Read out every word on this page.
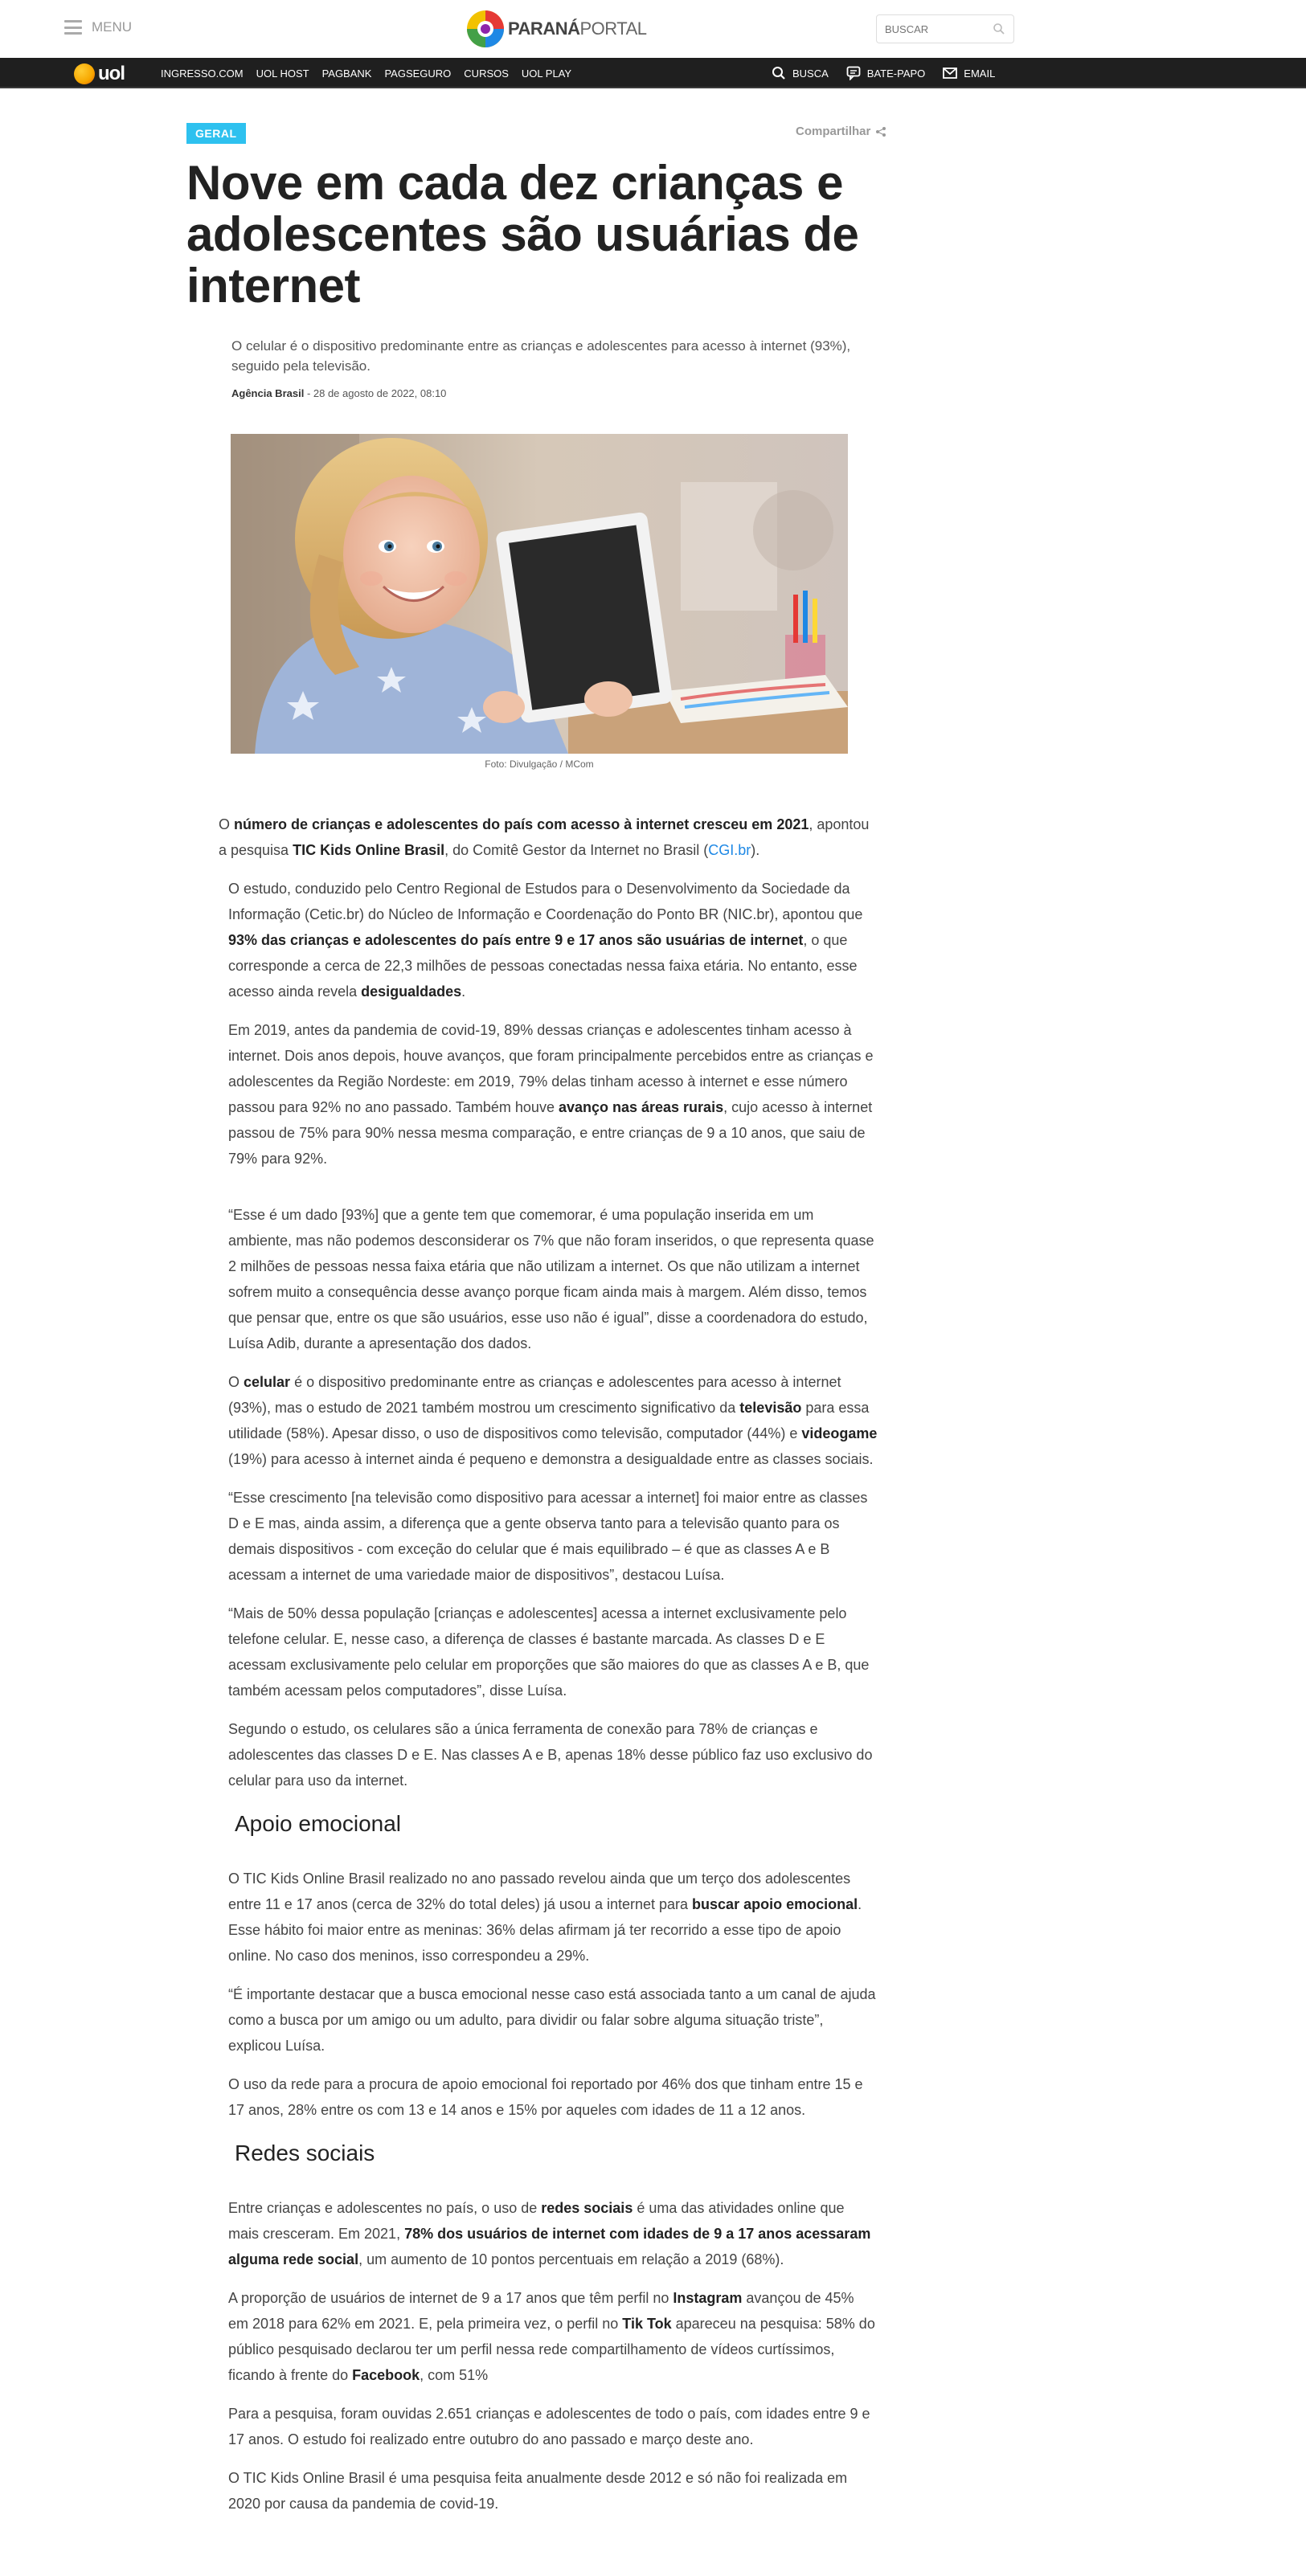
MENU	PARANÁPORTAL
BUSCAR
uol	INGRESSO.COM UOL HOST PAGBANK PAGSEGURO CURSOS UOL PLAY	BUSCA	BATE-PAPO	EMAIL
GERAL	Compartilhar
Nove em cada dez crianças e adolescentes são usuárias de internet

O celular é o dispositivo predominante entre as crianças e adolescentes para acesso à internet (93%), seguido pela televisão.

Agência Brasil - 28 de agosto de 2022, 08:10
Foto: Divulgação / MCom

O número de crianças e adolescentes do país com acesso à internet cresceu em 2021, apontou a pesquisa TIC Kids Online Brasil, do Comitê Gestor da Internet no Brasil (CGI.br).

O estudo, conduzido pelo Centro Regional de Estudos para o Desenvolvimento da Sociedade da Informação (Cetic.br) do Núcleo de Informação e Coordenação do Ponto BR (NIC.br), apontou que 93% das crianças e adolescentes do país entre 9 e 17 anos são usuárias de internet, o que corresponde a cerca de 22,3 milhões de pessoas conectadas nessa faixa etária. No entanto, esse acesso ainda revela desigualdades.

Em 2019, antes da pandemia de covid-19, 89% dessas crianças e adolescentes tinham acesso à internet. Dois anos depois, houve avanços, que foram principalmente percebidos entre as crianças e adolescentes da Região Nordeste: em 2019, 79% delas tinham acesso à internet e esse número passou para 92% no ano passado. Também houve avanço nas áreas rurais, cujo acesso à internet passou de 75% para 90% nessa mesma comparação, e entre crianças de 9 a 10 anos, que saiu de 79% para 92%.

“Esse é um dado [93%] que a gente tem que comemorar, é uma população inserida em um ambiente, mas não podemos desconsiderar os 7% que não foram inseridos, o que representa quase 2 milhões de pessoas nessa faixa etária que não utilizam a internet. Os que não utilizam a internet sofrem muito a consequência desse avanço porque ficam ainda mais à margem. Além disso, temos que pensar que, entre os que são usuários, esse uso não é igual”, disse a coordenadora do estudo, Luísa Adib, durante a apresentação dos dados.

O celular é o dispositivo predominante entre as crianças e adolescentes para acesso à internet (93%), mas o estudo de 2021 também mostrou um crescimento significativo da televisão para essa utilidade (58%). Apesar disso, o uso de dispositivos como televisão, computador (44%) e videogame (19%) para acesso à internet ainda é pequeno e demonstra a desigualdade entre as classes sociais.

“Esse crescimento [na televisão como dispositivo para acessar a internet] foi maior entre as classes D e E mas, ainda assim, a diferença que a gente observa tanto para a televisão quanto para os demais dispositivos - com exceção do celular que é mais equilibrado – é que as classes A e B acessam a internet de uma variedade maior de dispositivos”, destacou Luísa.

“Mais de 50% dessa população [crianças e adolescentes] acessa a internet exclusivamente pelo telefone celular. E, nesse caso, a diferença de classes é bastante marcada. As classes D e E acessam exclusivamente pelo celular em proporções que são maiores do que as classes A e B, que também acessam pelos computadores”, disse Luísa.

Segundo o estudo, os celulares são a única ferramenta de conexão para 78% de crianças e adolescentes das classes D e E. Nas classes A e B, apenas 18% desse público faz uso exclusivo do celular para uso da internet.

Apoio emocional

O TIC Kids Online Brasil realizado no ano passado revelou ainda que um terço dos adolescentes entre 11 e 17 anos (cerca de 32% do total deles) já usou a internet para buscar apoio emocional. Esse hábito foi maior entre as meninas: 36% delas afirmam já ter recorrido a esse tipo de apoio online. No caso dos meninos, isso correspondeu a 29%.

“É importante destacar que a busca emocional nesse caso está associada tanto a um canal de ajuda como a busca por um amigo ou um adulto, para dividir ou falar sobre alguma situação triste”, explicou Luísa.

O uso da rede para a procura de apoio emocional foi reportado por 46% dos que tinham entre 15 e 17 anos, 28% entre os com 13 e 14 anos e 15% por aqueles com idades de 11 a 12 anos.

Redes sociais

Entre crianças e adolescentes no país, o uso de redes sociais é uma das atividades online que mais cresceram. Em 2021, 78% dos usuários de internet com idades de 9 a 17 anos acessaram alguma rede social, um aumento de 10 pontos percentuais em relação a 2019 (68%).

A proporção de usuários de internet de 9 a 17 anos que têm perfil no Instagram avançou de 45% em 2018 para 62% em 2021. E, pela primeira vez, o perfil no Tik Tok apareceu na pesquisa: 58% do público pesquisado declarou ter um perfil nessa rede compartilhamento de vídeos curtíssimos, ficando à frente do Facebook, com 51%

Para a pesquisa, foram ouvidas 2.651 crianças e adolescentes de todo o país, com idades entre 9 e 17 anos. O estudo foi realizado entre outubro do ano passado e março deste ano.

O TIC Kids Online Brasil é uma pesquisa feita anualmente desde 2012 e só não foi realizada em 2020 por causa da pandemia de covid-19.
